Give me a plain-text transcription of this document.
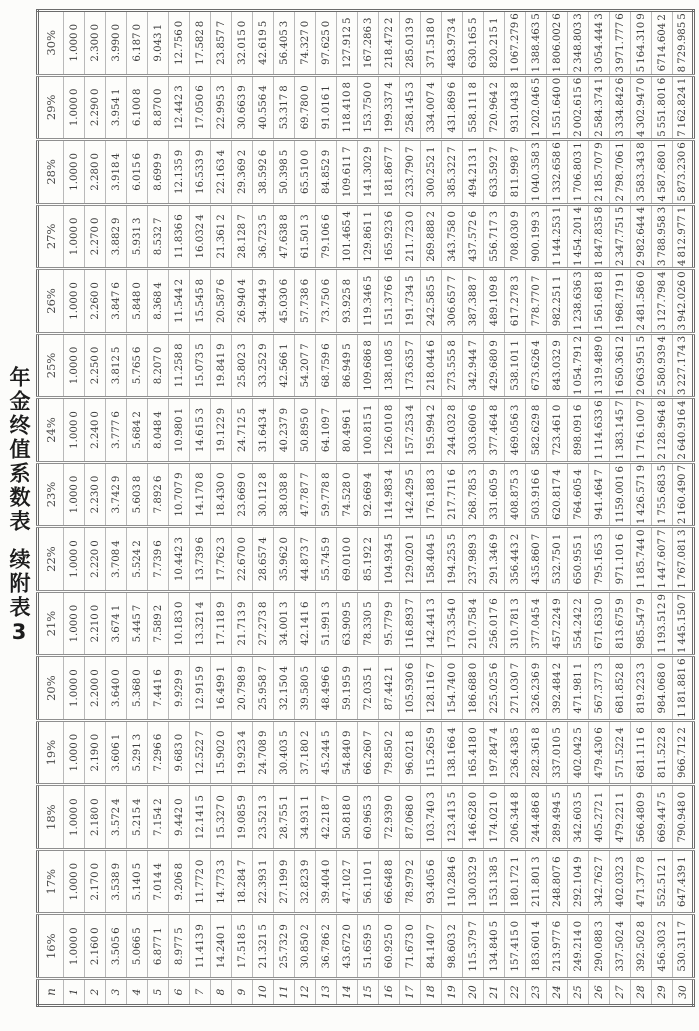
年金终值系数表续附表3
n	16%	17%	18%	19%	20%	21%	22%	23%	24%	25%	26%	27%	28%	29%	30%
1	1.000 0	1.000 0	1.000 0	1.000 0	1.000 0	1.000 0	1.000 0	1.000 0	1.000 0	1.000 0	1.000 0	1.000 0	1.000 0	1.000 0	1.000 0
2	2.160 0	2.170 0	2.180 0	2.190 0	2.200 0	2.210 0	2.220 0	2.230 0	2.240 0	2.250 0	2.260 0	2.270 0	2.280 0	2.290 0	2.300 0
3	3.505 6	3.538 9	3.572 4	3.606 1	3.640 0	3.674 1	3.708 4	3.742 9	3.777 6	3.812 5	3.847 6	3.882 9	3.918 4	3.954 1	3.990 0
4	5.066 5	5.140 5	5.215 4	5.291 3	5.368 0	5.445 7	5.524 2	5.603 8	5.684 2	5.765 6	5.848 0	5.931 3	6.015 6	6.100 8	6.187 0
5	6.877 1	7.014 4	7.154 2	7.296 6	7.441 6	7.589 2	7.739 6	7.892 6	8.048 4	8.207 0	8.368 4	8.532 7	8.699 9	8.870 0	9.043 1
6	8.977 5	9.206 8	9.442 0	9.683 0	9.929 9	10.183 0	10.442 3	10.707 9	10.980 1	11.258 8	11.544 2	11.836 6	12.135 9	12.442 3	12.756 0
7	11.413 9	11.772 0	12.141 5	12.522 7	12.915 9	13.321 4	13.739 6	14.170 8	14.615 3	15.073 5	15.545 8	16.032 4	16.533 9	17.050 6	17.582 8
8	14.240 1	14.773 3	15.327 0	15.902 0	16.499 1	17.118 9	17.762 3	18.430 0	19.122 9	19.841 9	20.587 6	21.361 2	22.163 4	22.995 3	23.857 7
9	17.518 5	18.284 7	19.085 9	19.923 4	20.798 9	21.713 9	22.670 0	23.669 0	24.712 5	25.802 3	26.940 4	28.128 7	29.369 2	30.663 9	32.015 0
10	21.321 5	22.393 1	23.521 3	24.708 9	25.958 7	27.273 8	28.657 4	30.112 8	31.643 4	33.252 9	34.944 9	36.723 5	38.592 6	40.556 4	42.619 5
11	25.732 9	27.199 9	28.755 1	30.403 5	32.150 4	34.001 3	35.962 0	38.038 8	40.237 9	42.566 1	45.030 6	47.638 8	50.398 5	53.317 8	56.405 3
12	30.850 2	32.823 9	34.931 1	37.180 2	39.580 5	42.141 6	44.873 7	47.787 7	50.895 0	54.207 7	57.738 6	61.501 3	65.510 0	69.780 0	74.327 0
13	36.786 2	39.404 0	42.218 7	45.244 5	48.496 6	51.991 3	55.745 9	59.778 8	64.109 7	68.759 6	73.750 6	79.106 6	84.852 9	91.016 1	97.625 0
14	43.672 0	47.102 7	50.818 0	54.840 9	59.195 9	63.909 5	69.010 0	74.528 0	80.496 1	86.949 5	93.925 8	101.465 4	109.611 7	118.410 8	127.912 5
15	51.659 5	56.110 1	60.965 3	66.260 7	72.035 1	78.330 5	85.192 2	92.669 4	100.815 1	109.686 8	119.346 5	129.861 1	141.302 9	153.750 0	167.286 3
16	60.925 0	66.648 8	72.939 0	79.850 2	87.442 1	95.779 9	104.934 5	114.983 4	126.010 8	138.108 5	151.376 6	165.923 6	181.867 7	199.337 4	218.472 2
17	71.673 0	78.979 2	87.068 0	96.021 8	105.930 6	116.893 7	129.020 1	142.429 5	157.253 4	173.635 7	191.734 5	211.723 0	233.790 7	258.145 3	285.013 9
18	84.140 7	93.405 6	103.740 3	115.265 9	128.116 7	142.441 3	158.404 5	176.188 3	195.994 2	218.044 6	242.585 5	269.888 2	300.252 1	334.007 4	371.518 0
19	98.603 2	110.284 6	123.413 5	138.166 4	154.740 0	173.354 0	194.253 5	217.711 6	244.032 8	273.555 8	306.657 7	343.758 0	385.322 7	431.869 6	483.973 4
20	115.379 7	130.032 9	146.628 0	165.418 0	186.688 0	210.758 4	237.989 3	268.785 3	303.600 6	342.944 7	387.388 7	437.572 6	494.213 1	558.111 8	630.165 5
21	134.840 5	153.138 5	174.021 0	197.847 4	225.025 6	256.017 6	291.346 9	331.605 9	377.464 8	429.680 9	489.109 8	556.717 3	633.592 7	720.964 2	820.215 1
22	157.415 0	180.172 1	206.344 8	236.438 5	271.030 7	310.781 3	356.443 2	408.875 3	469.056 3	538.101 1	617.278 3	708.030 9	811.998 7	931.043 8	1 067.279 6
23	183.601 4	211.801 3	244.486 8	282.361 8	326.236 9	377.045 4	435.860 7	503.916 6	582.629 8	673.626 4	778.770 7	900.199 3	1 040.358 3	1 202.046 5	1 388.463 5
24	213.977 6	248.807 6	289.494 5	337.010 5	392.484 2	457.224 9	532.750 1	620.817 4	723.461 0	843.032 9	982.251 1	1 144.253 1	1 332.658 6	1 551.640 0	1 806.002 6
25	249.214 0	292.104 9	342.603 5	402.042 5	471.981 1	554.242 2	650.955 1	764.605 4	898.091 6	1 054.791 2	1 238.636 3	1 454.201 4	1 706.803 1	2 002.615 6	2 348.803 3
26	290.088 3	342.762 7	405.272 1	479.430 6	567.377 3	671.633 0	795.165 3	941.464 7	1 114.633 6	1 319.489 0	1 561.681 8	1 847.835 8	2 185.707 9	2 584.374 1	3 054.444 3
27	337.502 4	402.032 3	479.221 1	571.522 4	681.852 8	813.675 9	971.101 6	1159.001 6	1 383.145 7	1 650.361 2	1 968.719 1	2 347.751 5	2 798.706 1	3 334.842 6	3 971.777 6
28	392.502 8	471.377 8	566.480 9	681.111 6	819.223 3	985.547 9	1 185.744 0	1 426.571 9	1 716.100 7	2 063.951 5	2 481.586 0	2 982.644 4	3 583.343 8	4 302.947 0	5 164.310 9
29	456.303 2	552.512 1	669.447 5	811.522 8	984.068 0	1 193.512 9	1 447.607 7	1 755.683 5	2 128.964 8	2 580.939 4	3 127.798 4	3 788.958 3	4 587.680 1	5 551.801 6	6714.604 2
30	530.311 7	647.439 1	790.948 0	966.712 2	1 181.881 6	1 445.150 7	1 767.081 3	2 160.490 7	2 640.916 4	3 227.174 3	3 942.026 0	4 812.977 1	5 873.230 6	7 162.824 1	8 729.985 5
